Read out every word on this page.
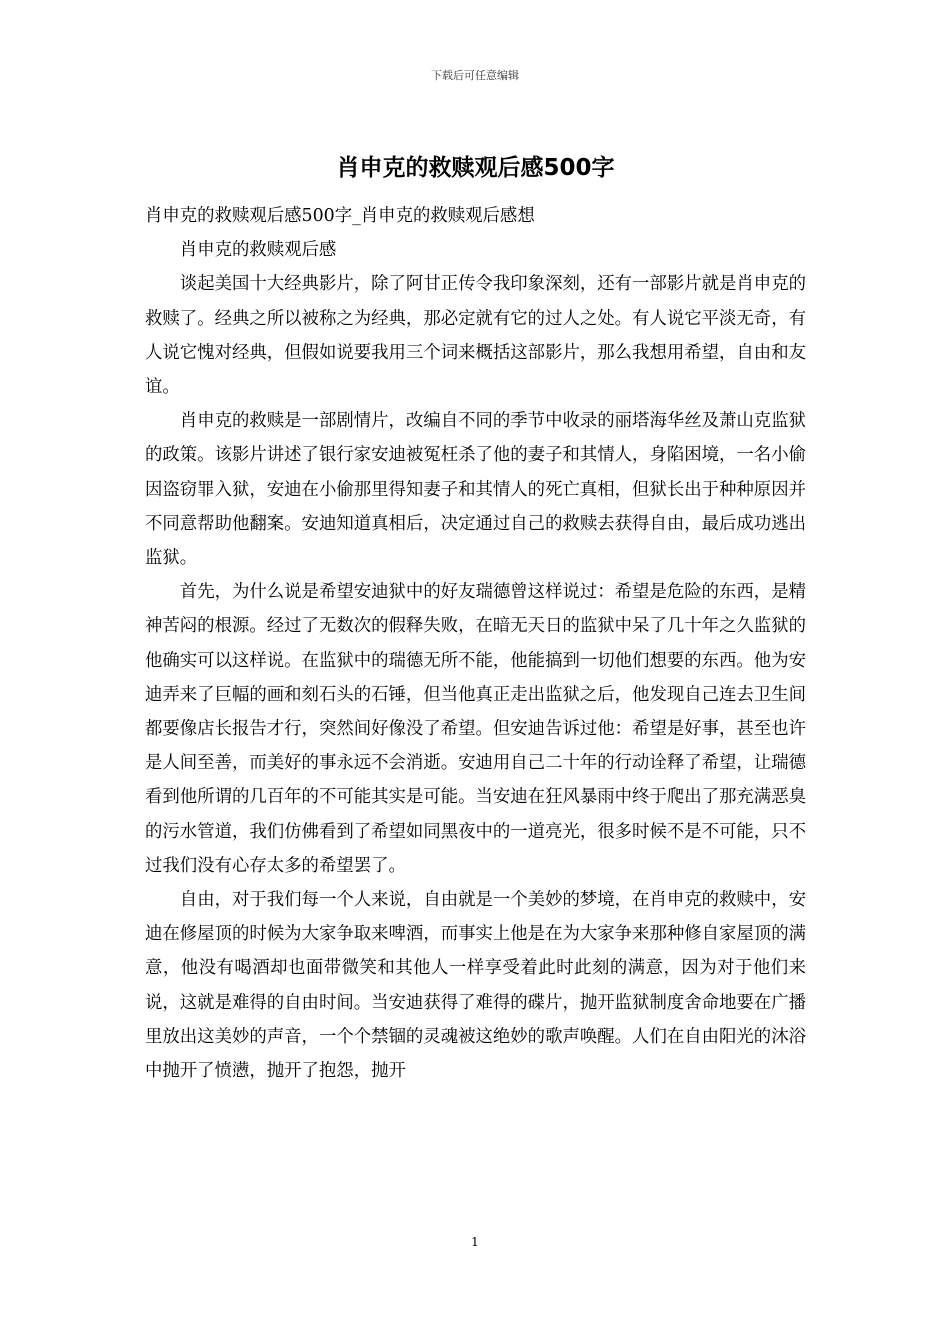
下载后可任意编辑
肖申克的救赎观后感500字

肖申克的救赎观后感500字_肖申克的救赎观后感想

肖申克的救赎观后感

谈起美国十大经典影片，除了阿甘正传令我印象深刻，还有一部影片就是肖申克的救赎了。经典之所以被称之为经典，那必定就有它的过人之处。有人说它平淡无奇，有人说它愧对经典，但假如说要我用三个词来概括这部影片，那么我想用希望，自由和友谊。

肖申克的救赎是一部剧情片，改编自不同的季节中收录的丽塔海华丝及萧山克监狱的政策。该影片讲述了银行家安迪被冤枉杀了他的妻子和其情人，身陷困境，一名小偷因盗窃罪入狱，安迪在小偷那里得知妻子和其情人的死亡真相，但狱长出于种种原因并不同意帮助他翻案。安迪知道真相后，决定通过自己的救赎去获得自由，最后成功逃出监狱。

首先，为什么说是希望安迪狱中的好友瑞德曾这样说过：希望是危险的东西，是精神苦闷的根源。经过了无数次的假释失败，在暗无天日的监狱中呆了几十年之久监狱的他确实可以这样说。在监狱中的瑞德无所不能，他能搞到一切他们想要的东西。他为安迪弄来了巨幅的画和刻石头的石锤，但当他真正走出监狱之后，他发现自己连去卫生间都要像店长报告才行，突然间好像没了希望。但安迪告诉过他：希望是好事，甚至也许是人间至善，而美好的事永远不会消逝。安迪用自己二十年的行动诠释了希望，让瑞德看到他所谓的几百年的不可能其实是可能。当安迪在狂风暴雨中终于爬出了那充满恶臭的污水管道，我们仿佛看到了希望如同黑夜中的一道亮光，很多时候不是不可能，只不过我们没有心存太多的希望罢了。

自由，对于我们每一个人来说，自由就是一个美妙的梦境，在肖申克的救赎中，安迪在修屋顶的时候为大家争取来啤酒，而事实上他是在为大家争来那种修自家屋顶的满意，他没有喝酒却也面带微笑和其他人一样享受着此时此刻的满意，因为对于他们来说，这就是难得的自由时间。当安迪获得了难得的碟片，抛开监狱制度舍命地要在广播里放出这美妙的声音，一个个禁锢的灵魂被这绝妙的歌声唤醒。人们在自由阳光的沐浴中抛开了愤懑，抛开了抱怨，抛开

1
